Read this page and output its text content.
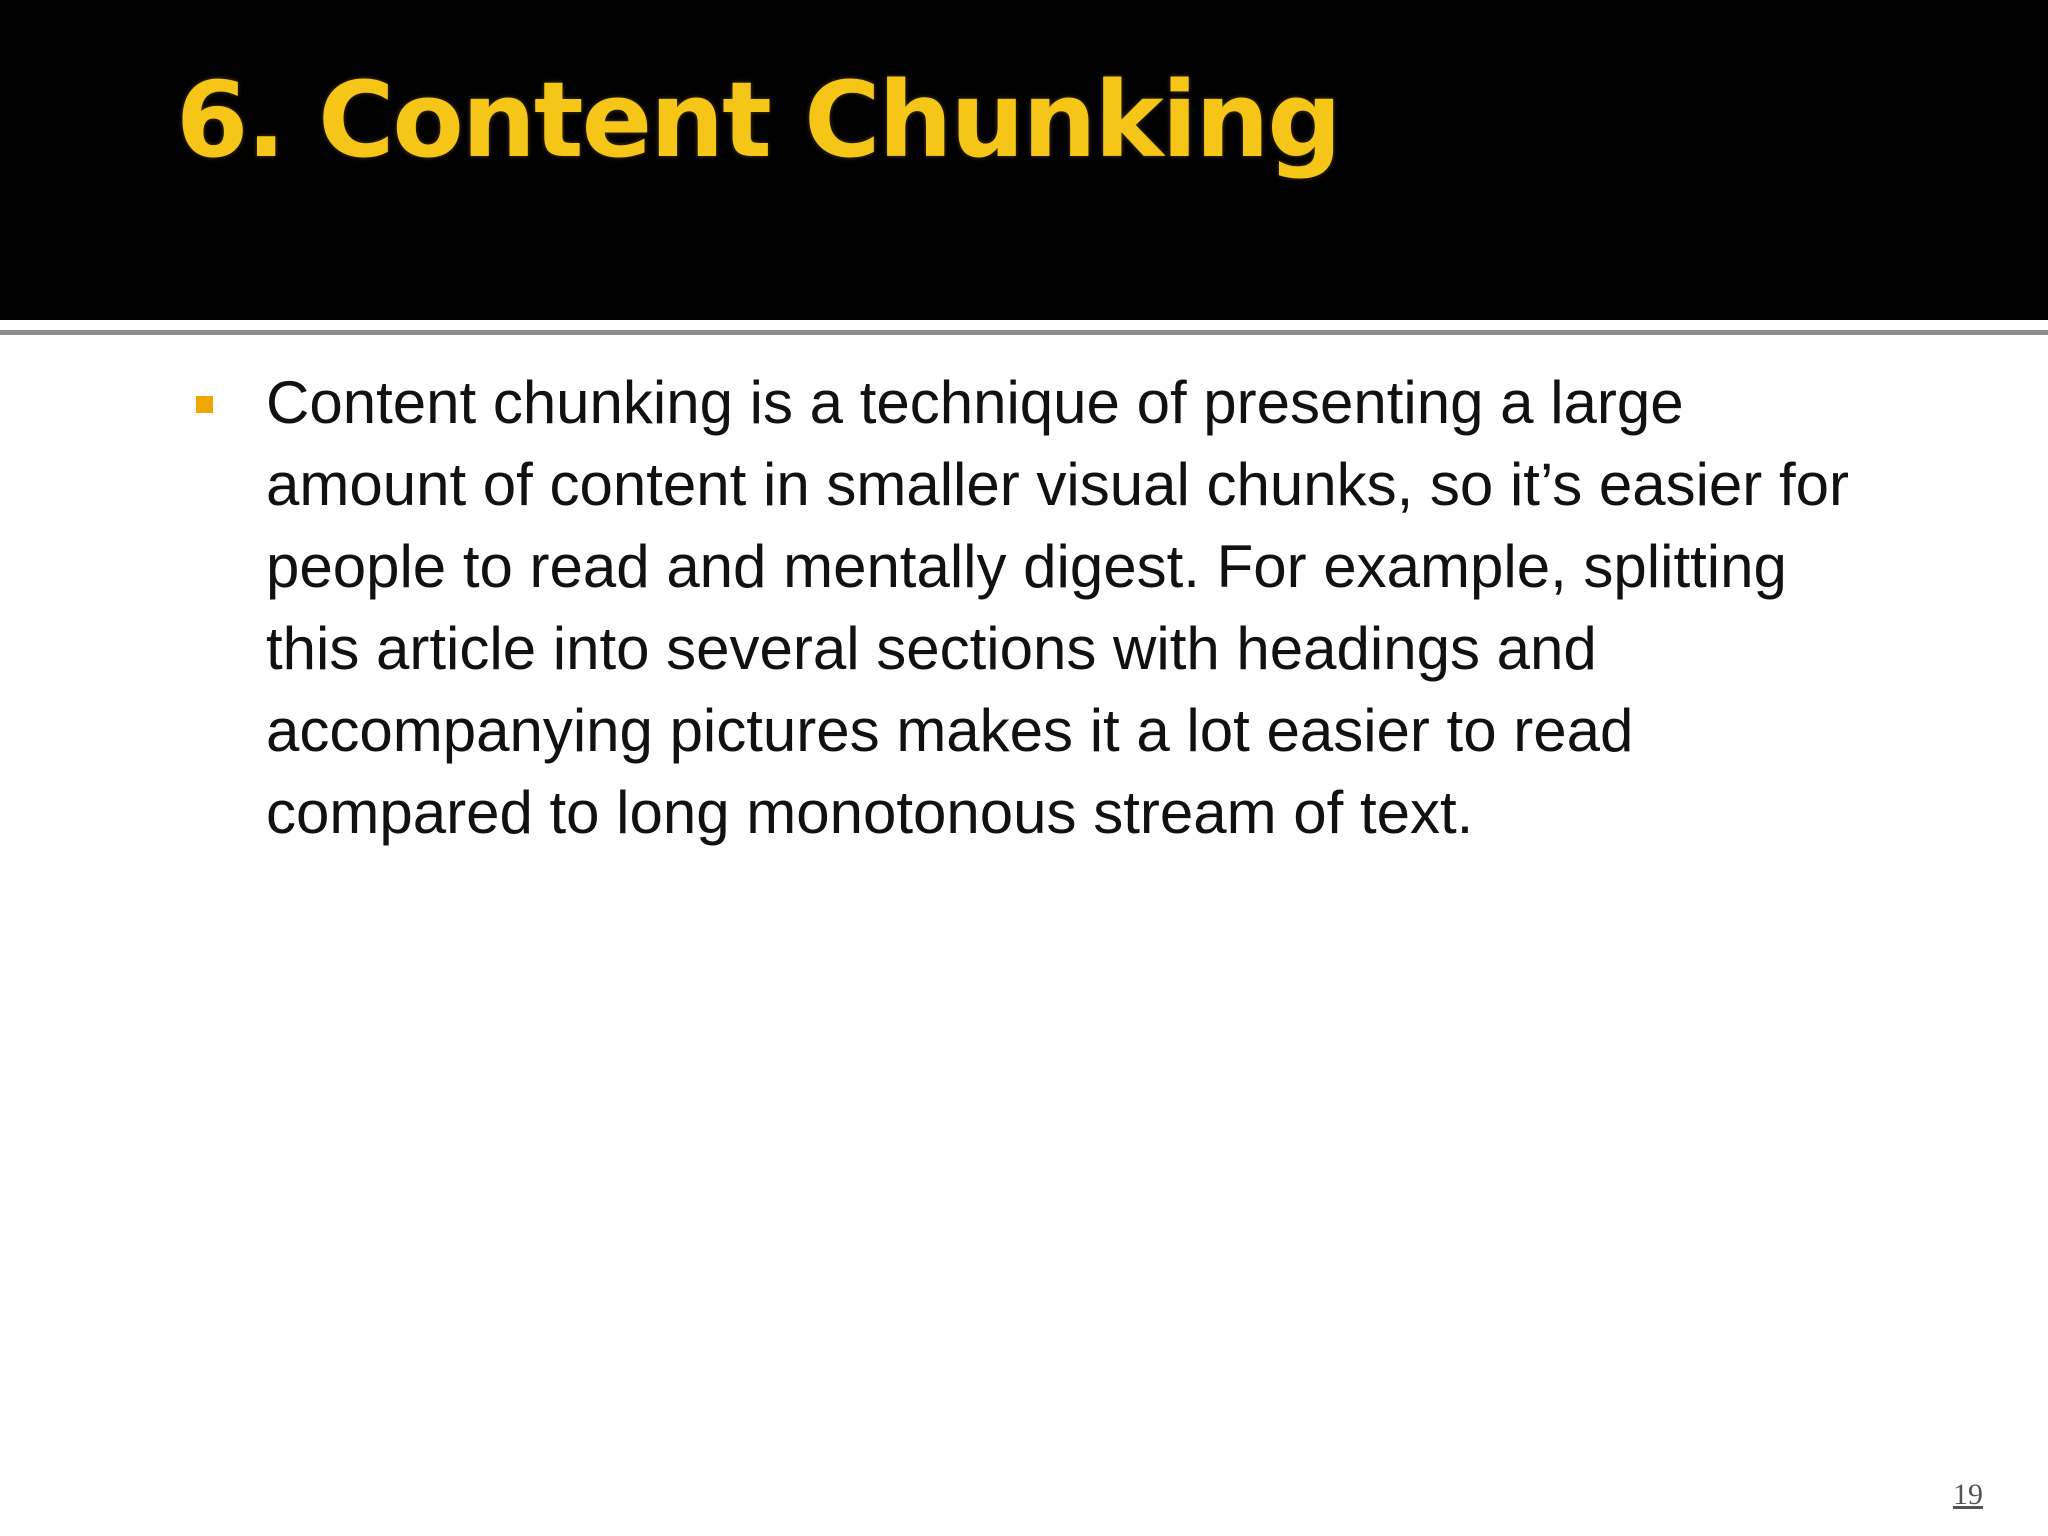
6. Content Chunking

Content chunking is a technique of presenting a large amount of content in smaller visual chunks, so it’s easier for people to read and mentally digest. For example, splitting this article into several sections with headings and accompanying pictures makes it a lot easier to read compared to long monotonous stream of text.

19
